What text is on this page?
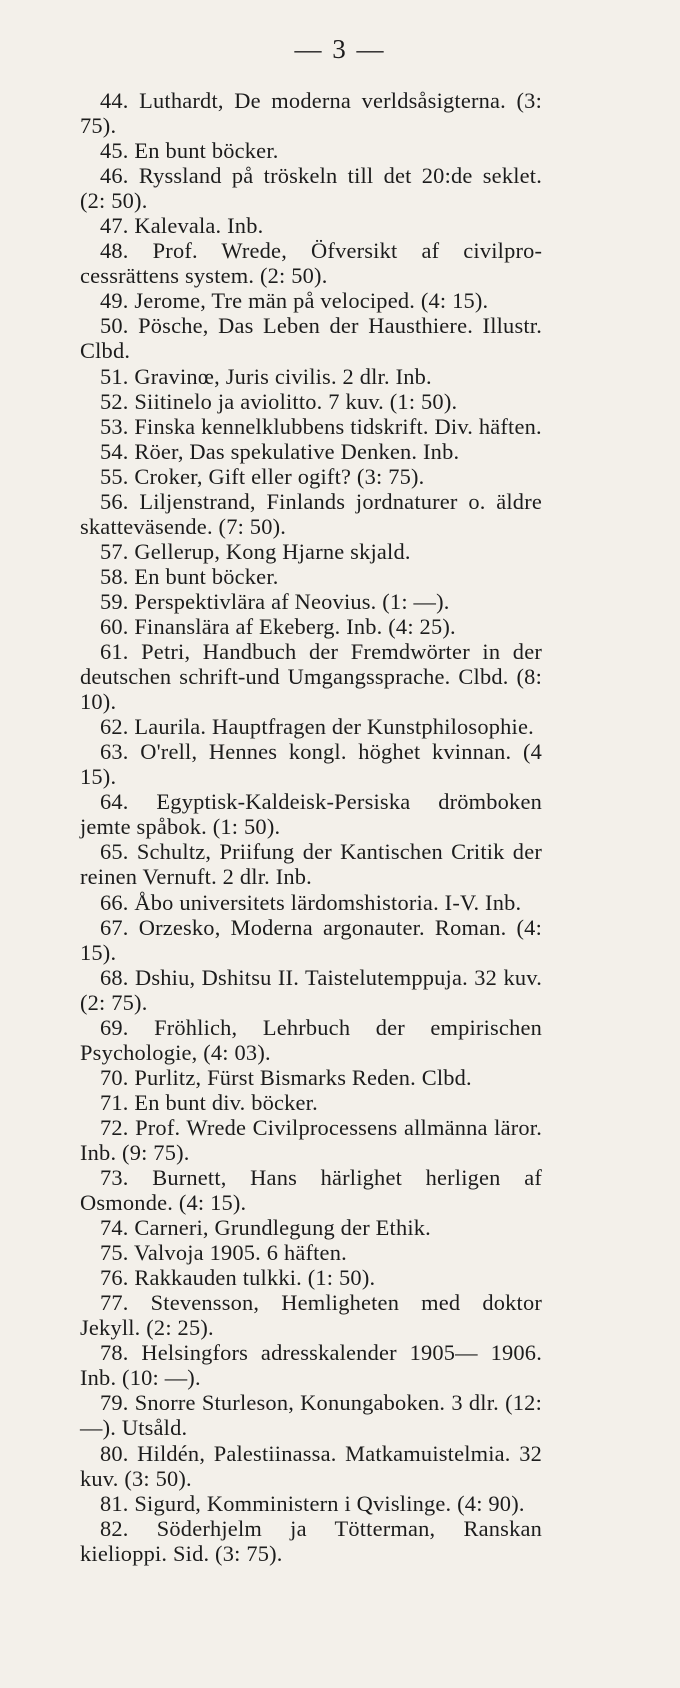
— 3 —

44. Luthardt, De moderna verldsåsigterna. (3: 75).

45. En bunt böcker.

46. Ryssland på tröskeln till det 20:de seklet. (2: 50).

47. Kalevala. Inb.

48. Prof. Wrede, Öfversikt af civilprocessrättens system. (2: 50).

49. Jerome, Tre män på velociped. (4: 15).

50. Pösche, Das Leben der Hausthiere. Illustr. Clbd.

51. Gravinœ, Juris civilis. 2 dlr. Inb.

52. Siitinelo ja aviolitto. 7 kuv. (1: 50).

53. Finska kennelklubbens tidskrift. Div. häften.

54. Röer, Das spekulative Denken. Inb.

55. Croker, Gift eller ogift? (3: 75).

56. Liljenstrand, Finlands jordnaturer o. äldre skatteväsende. (7: 50).

57. Gellerup, Kong Hjarne skjald.

58. En bunt böcker.

59. Perspektivlära af Neovius. (1: —).

60. Finanslära af Ekeberg. Inb. (4: 25).

61. Petri, Handbuch der Fremdwörter in der deutschen schrift-und Umgangssprache. Clbd. (8: 10).

62. Laurila. Hauptfragen der Kunstphilosophie.

63. O'rell, Hennes kongl. höghet kvinnan. (4 15).

64. Egyptisk-Kaldeisk-Persiska drömboken jemte spåbok. (1: 50).

65. Schultz, Priifung der Kantischen Critik der reinen Vernuft. 2 dlr. Inb.

66. Åbo universitets lärdomshistoria. I-V. Inb.

67. Orzesko, Moderna argonauter. Roman. (4: 15).

68. Dshiu, Dshitsu II. Taistelutemppuja. 32 kuv. (2: 75).

69. Fröhlich, Lehrbuch der empirischen Psychologie, (4: 03).

70. Purlitz, Fürst Bismarks Reden. Clbd.

71. En bunt div. böcker.

72. Prof. Wrede Civilprocessens allmänna läror. Inb. (9: 75).

73. Burnett, Hans härlighet herligen af Osmonde. (4: 15).

74. Carneri, Grundlegung der Ethik.

75. Valvoja 1905. 6 häften.

76. Rakkauden tulkki. (1: 50).

77. Stevensson, Hemligheten med doktor Jekyll. (2: 25).

78. Helsingfors adresskalender 1905— 1906. Inb. (10: —).

79. Snorre Sturleson, Konungaboken. 3 dlr. (12: —). Utsåld.

80. Hildén, Palestiinassa. Matkamuistelmia. 32 kuv. (3: 50).

81. Sigurd, Komministern i Qvislinge. (4: 90).

82. Söderhjelm ja Tötterman, Ranskan kielioppi. Sid. (3: 75).
